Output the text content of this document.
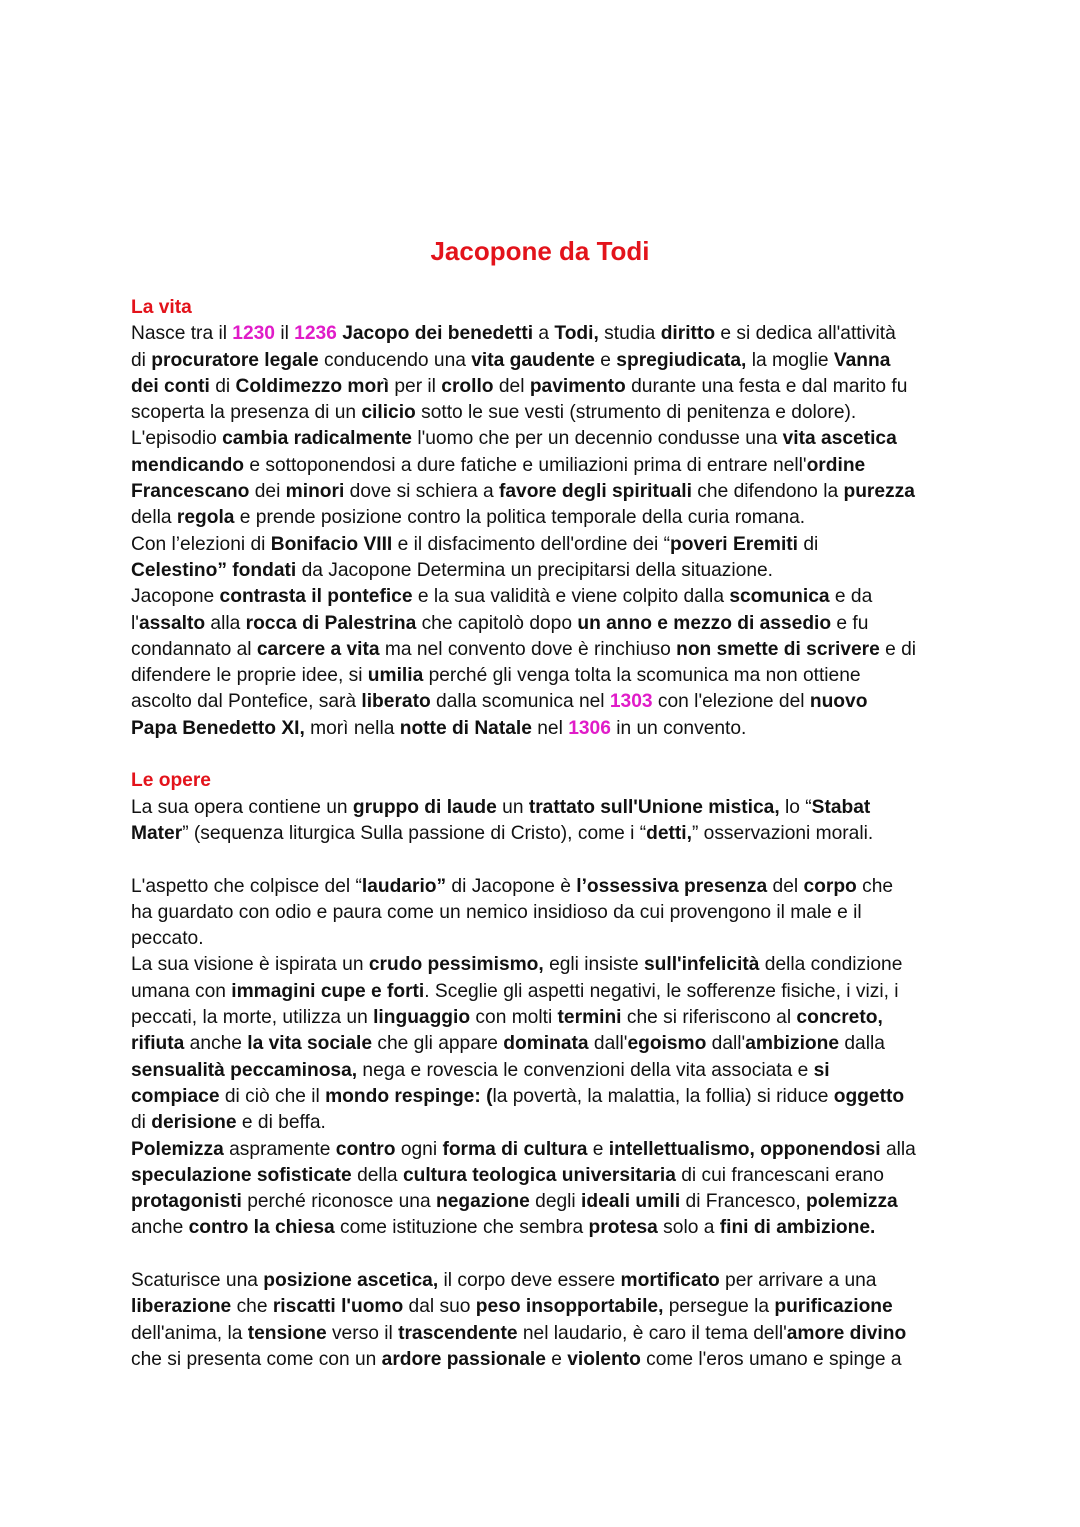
Jacopone da Todi
La vita
Nasce tra il 1230 il 1236 Jacopo dei benedetti a Todi, studia diritto e si dedica all'attività
di procuratore legale conducendo una vita gaudente e spregiudicata, la moglie Vanna
dei conti di Coldimezzo morì per il crollo del pavimento durante una festa e dal marito fu
scoperta la presenza di un cilicio sotto le sue vesti (strumento di penitenza e dolore).
L'episodio cambia radicalmente l'uomo che per un decennio condusse una vita ascetica
mendicando e sottoponendosi a dure fatiche e umiliazioni prima di entrare nell'ordine
Francescano dei minori dove si schiera a favore degli spirituali che difendono la purezza
della regola e prende posizione contro la politica temporale della curia romana.
Con l’elezioni di Bonifacio VIII e il disfacimento dell'ordine dei “poveri Eremiti di
Celestino” fondati da Jacopone Determina un precipitarsi della situazione.
Jacopone contrasta il pontefice e la sua validità e viene colpito dalla scomunica e da
l'assalto alla rocca di Palestrina che capitolò dopo un anno e mezzo di assedio e fu
condannato al carcere a vita ma nel convento dove è rinchiuso non smette di scrivere e di
difendere le proprie idee, si umilia perché gli venga tolta la scomunica ma non ottiene
ascolto dal Pontefice, sarà liberato dalla scomunica nel 1303 con l'elezione del nuovo
Papa Benedetto XI, morì nella notte di Natale nel 1306 in un convento.
Le opere
La sua opera contiene un gruppo di laude un trattato sull'Unione mistica, lo “Stabat
Mater” (sequenza liturgica Sulla passione di Cristo), come i “detti,” osservazioni morali.
L'aspetto che colpisce del “laudario” di Jacopone è l’ossessiva presenza del corpo che
ha guardato con odio e paura come un nemico insidioso da cui provengono il male e il
peccato.
La sua visione è ispirata un crudo pessimismo, egli insiste sull'infelicità della condizione
umana con immagini cupe e forti. Sceglie gli aspetti negativi, le sofferenze fisiche, i vizi, i
peccati, la morte, utilizza un linguaggio con molti termini che si riferiscono al concreto,
rifiuta anche la vita sociale che gli appare dominata dall'egoismo dall'ambizione dalla
sensualità peccaminosa, nega e rovescia le convenzioni della vita associata e si
compiace di ciò che il mondo respinge: (la povertà, la malattia, la follia) si riduce oggetto
di derisione e di beffa.
Polemizza aspramente contro ogni forma di cultura e intellettualismo, opponendosi alla
speculazione sofisticate della cultura teologica universitaria di cui francescani erano
protagonisti perché riconosce una negazione degli ideali umili di Francesco, polemizza
anche contro la chiesa come istituzione che sembra protesa solo a fini di ambizione.
Scaturisce una posizione ascetica, il corpo deve essere mortificato per arrivare a una
liberazione che riscatti l'uomo dal suo peso insopportabile, persegue la purificazione
dell'anima, la tensione verso il trascendente nel laudario, è caro il tema dell'amore divino
che si presenta come con un ardore passionale e violento come l'eros umano e spinge a
